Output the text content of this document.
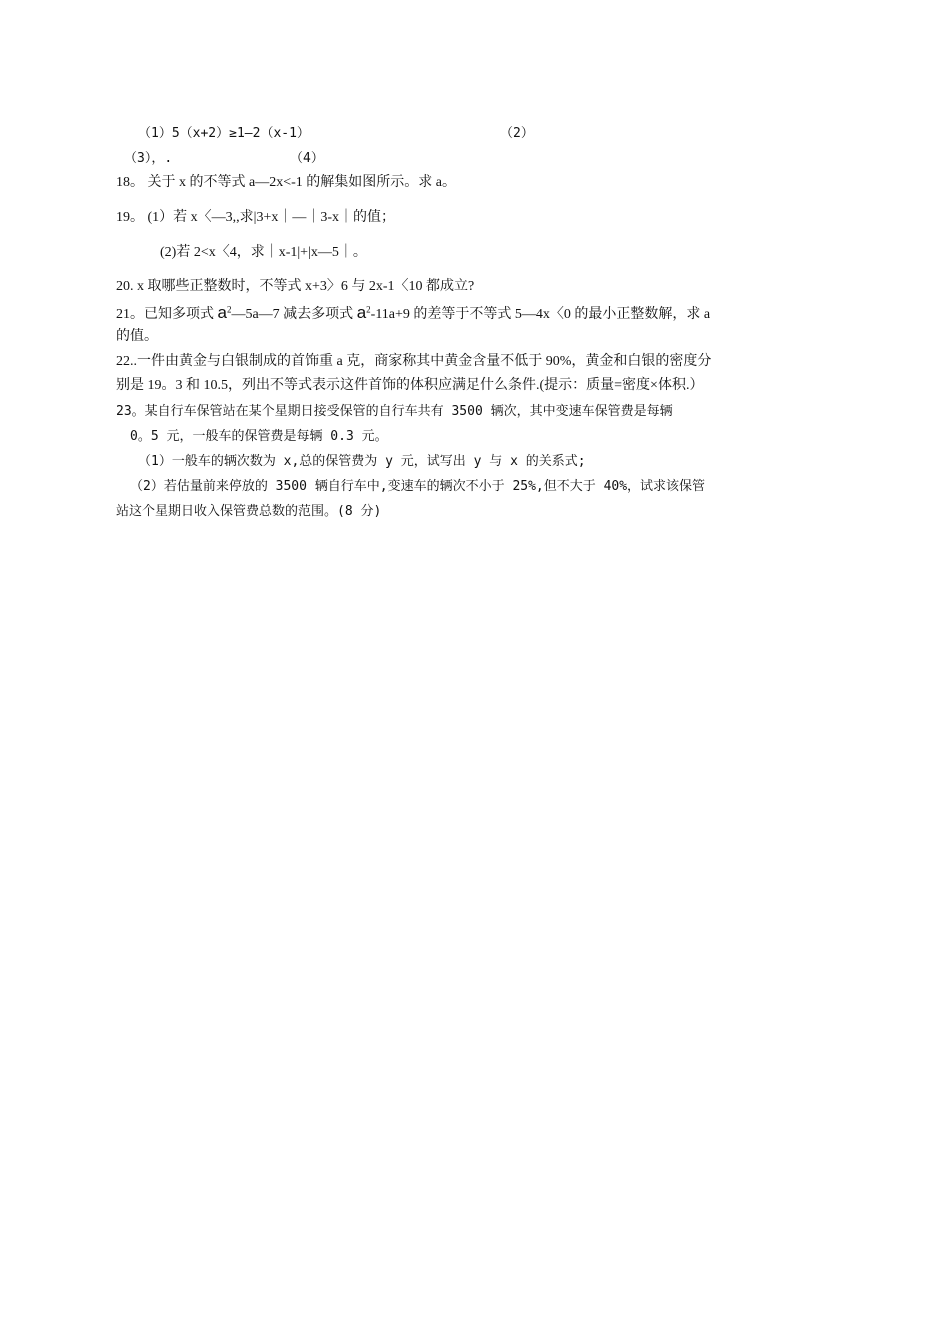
（1）5（x+2）≥1—2（x-1）	（2）
（3），.	（4）
18。 关于 x 的不等式 a—2x<-1 的解集如图所示。求 a。
19。 (1）若 x〈—3,,求|3+x｜—｜3-x｜的值；
(2)若 2<x〈4，求｜x-1|+|x—5｜。
20. x 取哪些正整数时，不等式 x+3〉6 与 2x-1〈10 都成立?
21。已知多项式 $a^2—5a—7$ 减去多项式 $a^2-11a+9$ 的差等于不等式 5—4x〈0 的最小正整数解，求 a
的值。
22..一件由黄金与白银制成的首饰重 a 克，商家称其中黄金含量不低于 90%，黄金和白银的密度分
别是 19。3 和 10.5，列出不等式表示这件首饰的体积应满足什么条件.(提示：质量=密度×体积.）
23。某自行车保管站在某个星期日接受保管的自行车共有 3500 辆次，其中变速车保管费是每辆
0。5 元，一般车的保管费是每辆 0.3 元。
（1）一般车的辆次数为 x,总的保管费为 y 元，试写出 y 与 x 的关系式;
（2）若估量前来停放的 3500 辆自行车中,变速车的辆次不小于 25%,但不大于 40%，试求该保管
站这个星期日收入保管费总数的范围。(8 分)
